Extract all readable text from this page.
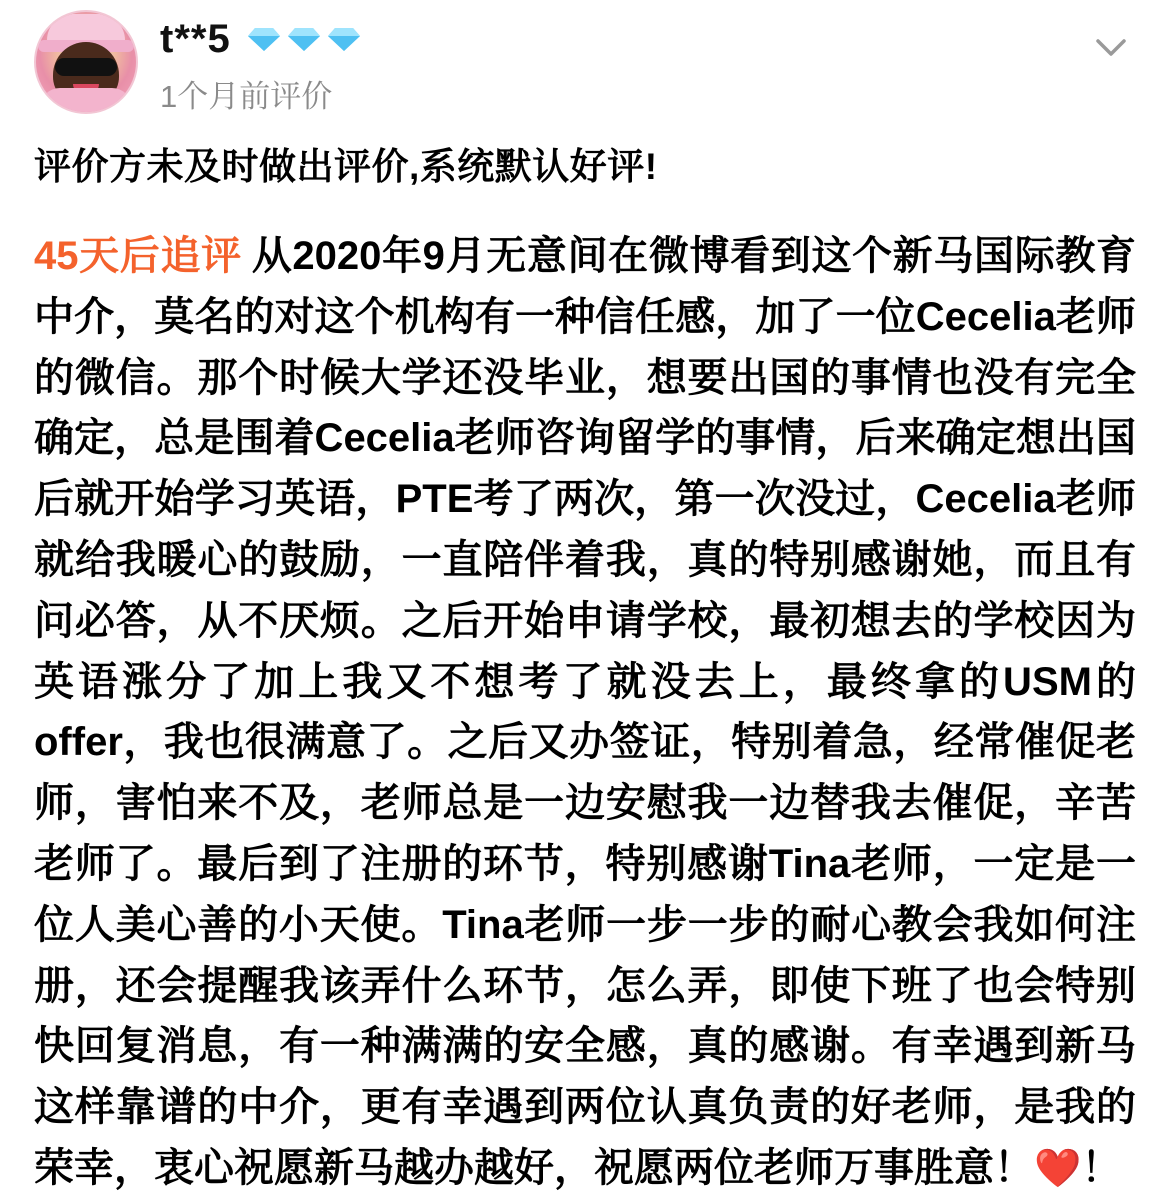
t**5
1个月前评价
评价方未及时做出评价,系统默认好评!
45天后追评 从2020年9月无意间在微博看到这个新马国际教育中介，莫名的对这个机构有一种信任感，加了一位Cecelia老师的微信。那个时候大学还没毕业，想要出国的事情也没有完全确定，总是围着Cecelia老师咨询留学的事情，后来确定想出国后就开始学习英语，PTE考了两次，第一次没过，Cecelia老师就给我暖心的鼓励，一直陪伴着我，真的特别感谢她，而且有问必答，从不厌烦。之后开始申请学校，最初想去的学校因为英语涨分了加上我又不想考了就没去上，最终拿的USM的offer，我也很满意了。之后又办签证，特别着急，经常催促老师，害怕来不及，老师总是一边安慰我一边替我去催促，辛苦老师了。最后到了注册的环节，特别感谢Tina老师，一定是一位人美心善的小天使。Tina老师一步一步的耐心教会我如何注册，还会提醒我该弄什么环节，怎么弄，即使下班了也会特别快回复消息，有一种满满的安全感，真的感谢。有幸遇到新马这样靠谱的中介，更有幸遇到两位认真负责的好老师，是我的荣幸，衷心祝愿新马越办越好，祝愿两位老师万事胜意！❤️！
